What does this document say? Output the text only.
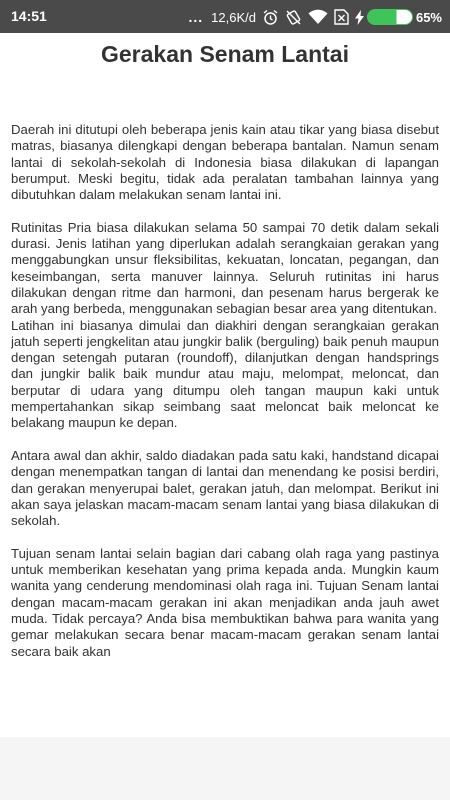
14:51	... 12,6K/d	65%
Gerakan Senam Lantai

Daerah ini ditutupi oleh beberapa jenis kain atau tikar yang biasa disebut matras, biasanya dilengkapi dengan beberapa bantalan. Namun senam lantai di sekolah-sekolah di Indonesia biasa dilakukan di lapangan berumput. Meski begitu, tidak ada peralatan tambahan lainnya yang dibutuhkan dalam melakukan senam lantai ini.

Rutinitas Pria biasa dilakukan selama 50 sampai 70 detik dalam sekali durasi. Jenis latihan yang diperlukan adalah serangkaian gerakan yang menggabungkan unsur fleksibilitas, kekuatan, loncatan, pegangan, dan keseimbangan, serta manuver lainnya. Seluruh rutinitas ini harus dilakukan dengan ritme dan harmoni, dan pesenam harus bergerak ke arah yang berbeda, menggunakan sebagian besar area yang ditentukan.

Latihan ini biasanya dimulai dan diakhiri dengan serangkaian gerakan jatuh seperti jengkelitan atau jungkir balik (berguling) baik penuh maupun dengan setengah putaran (roundoff), dilanjutkan dengan handsprings dan jungkir balik baik mundur atau maju, melompat, meloncat, dan berputar di udara yang ditumpu oleh tangan maupun kaki untuk mempertahankan sikap seimbang saat meloncat baik meloncat ke belakang maupun ke depan.

Antara awal dan akhir, saldo diadakan pada satu kaki, handstand dicapai dengan menempatkan tangan di lantai dan menendang ke posisi berdiri, dan gerakan menyerupai balet, gerakan jatuh, dan melompat. Berikut ini akan saya jelaskan macam-macam senam lantai yang biasa dilakukan di sekolah.

Tujuan senam lantai selain bagian dari cabang olah raga yang pastinya untuk memberikan kesehatan yang prima kepada anda. Mungkin kaum wanita yang cenderung mendominasi olah raga ini. Tujuan Senam lantai dengan macam-macam gerakan ini akan menjadikan anda jauh awet muda. Tidak percaya? Anda bisa membuktikan bahwa para wanita yang gemar melakukan secara benar macam-macam gerakan senam lantai secara baik akan
